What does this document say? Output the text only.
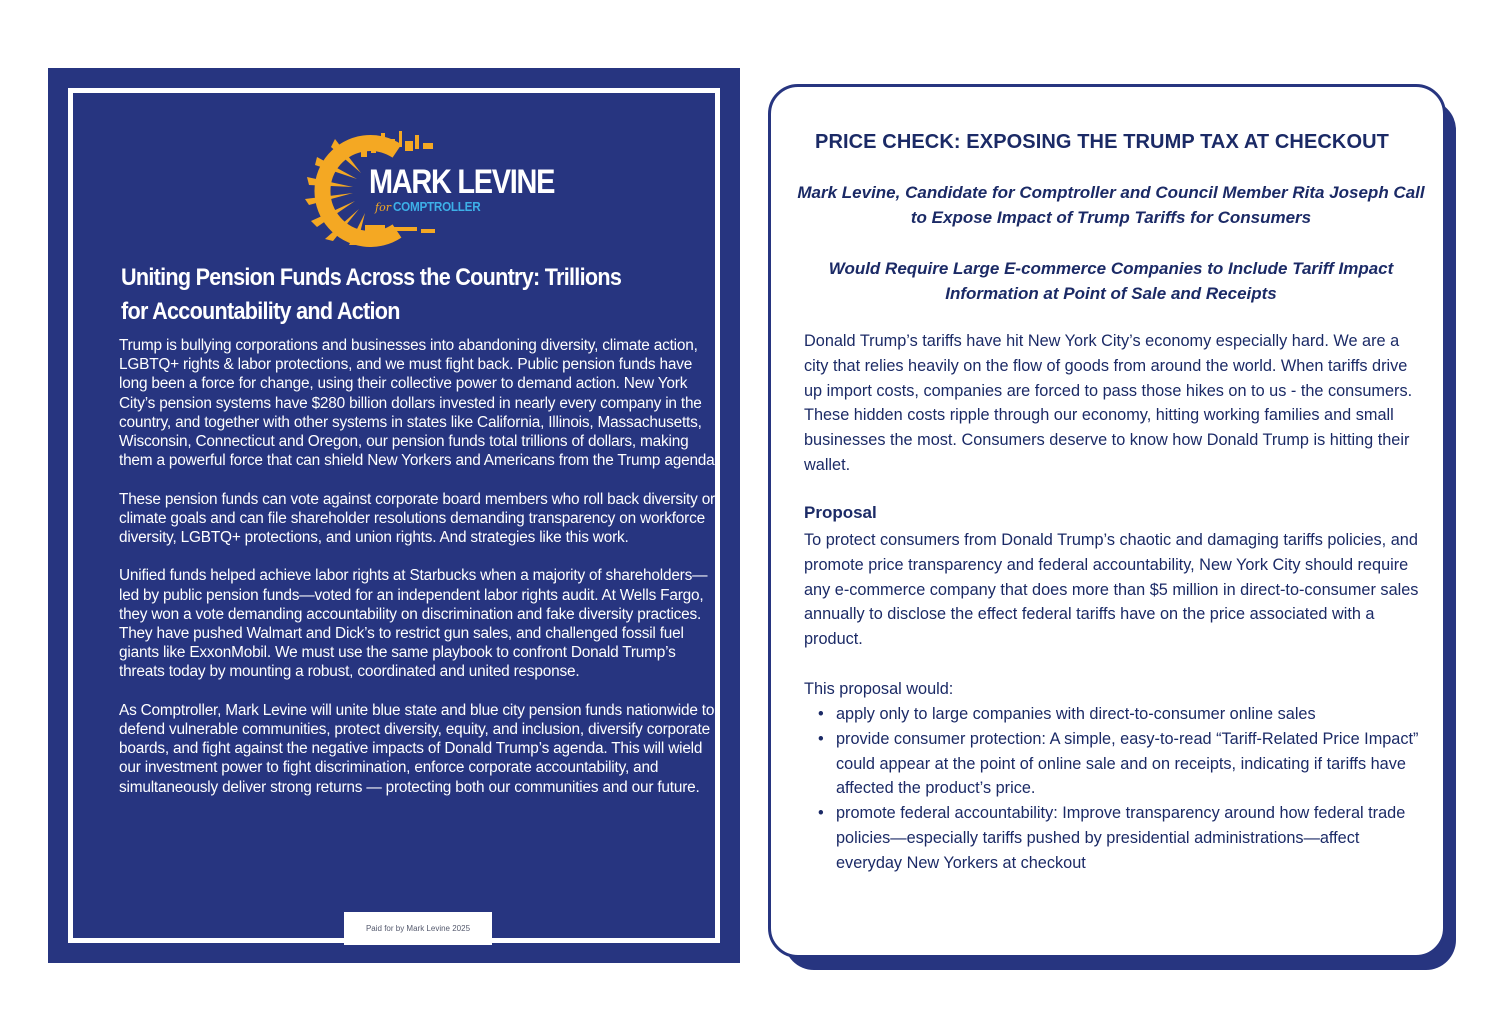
MARK LEVINE
for COMPTROLLER
Uniting Pension Funds Across the Country: Trillions for Accountability and Action

Trump is bullying corporations and businesses into abandoning diversity, climate action, LGBTQ+ rights & labor protections, and we must fight back. Public pension funds have long been a force for change, using their collective power to demand action. New York City’s pension systems have $280 billion dollars invested in nearly every company in the country, and together with other systems in states like California, Illinois, Massachusetts, Wisconsin, Connecticut and Oregon, our pension funds total trillions of dollars, making them a powerful force that can shield New Yorkers and Americans from the Trump agenda.

These pension funds can vote against corporate board members who roll back diversity or climate goals and can file shareholder resolutions demanding transparency on workforce diversity, LGBTQ+ protections, and union rights. And strategies like this work.

Unified funds helped achieve labor rights at Starbucks when a majority of shareholders—led by public pension funds—voted for an independent labor rights audit. At Wells Fargo, they won a vote demanding accountability on discrimination and fake diversity practices. They have pushed Walmart and Dick’s to restrict gun sales, and challenged fossil fuel giants like ExxonMobil. We must use the same playbook to confront Donald Trump’s threats today by mounting a robust, coordinated and united response.

As Comptroller, Mark Levine will unite blue state and blue city pension funds nationwide to defend vulnerable communities, protect diversity, equity, and inclusion, diversify corporate boards, and fight against the negative impacts of Donald Trump’s agenda. This will wield our investment power to fight discrimination, enforce corporate accountability, and simultaneously deliver strong returns — protecting both our communities and our future.

Paid for by Mark Levine 2025
PRICE CHECK: EXPOSING THE TRUMP TAX AT CHECKOUT
Mark Levine, Candidate for Comptroller and Council Member Rita Joseph Call to Expose Impact of Trump Tariffs for Consumers
Would Require Large E-commerce Companies to Include Tariff Impact Information at Point of Sale and Receipts
Donald Trump’s tariffs have hit New York City’s economy especially hard. We are a city that relies heavily on the flow of goods from around the world. When tariffs drive up import costs, companies are forced to pass those hikes on to us - the consumers. These hidden costs ripple through our economy, hitting working families and small businesses the most. Consumers deserve to know how Donald Trump is hitting their wallet.
Proposal
To protect consumers from Donald Trump’s chaotic and damaging tariffs policies, and promote price transparency and federal accountability, New York City should require any e-commerce company that does more than $5 million in direct-to-consumer sales annually to disclose the effect federal tariffs have on the price associated with a product.
This proposal would:
• apply only to large companies with direct-to-consumer online sales
• provide consumer protection: A simple, easy-to-read “Tariff-Related Price Impact” could appear at the point of online sale and on receipts, indicating if tariffs have affected the product’s price.
• promote federal accountability: Improve transparency around how federal trade policies—especially tariffs pushed by presidential administrations—affect everyday New Yorkers at checkout
